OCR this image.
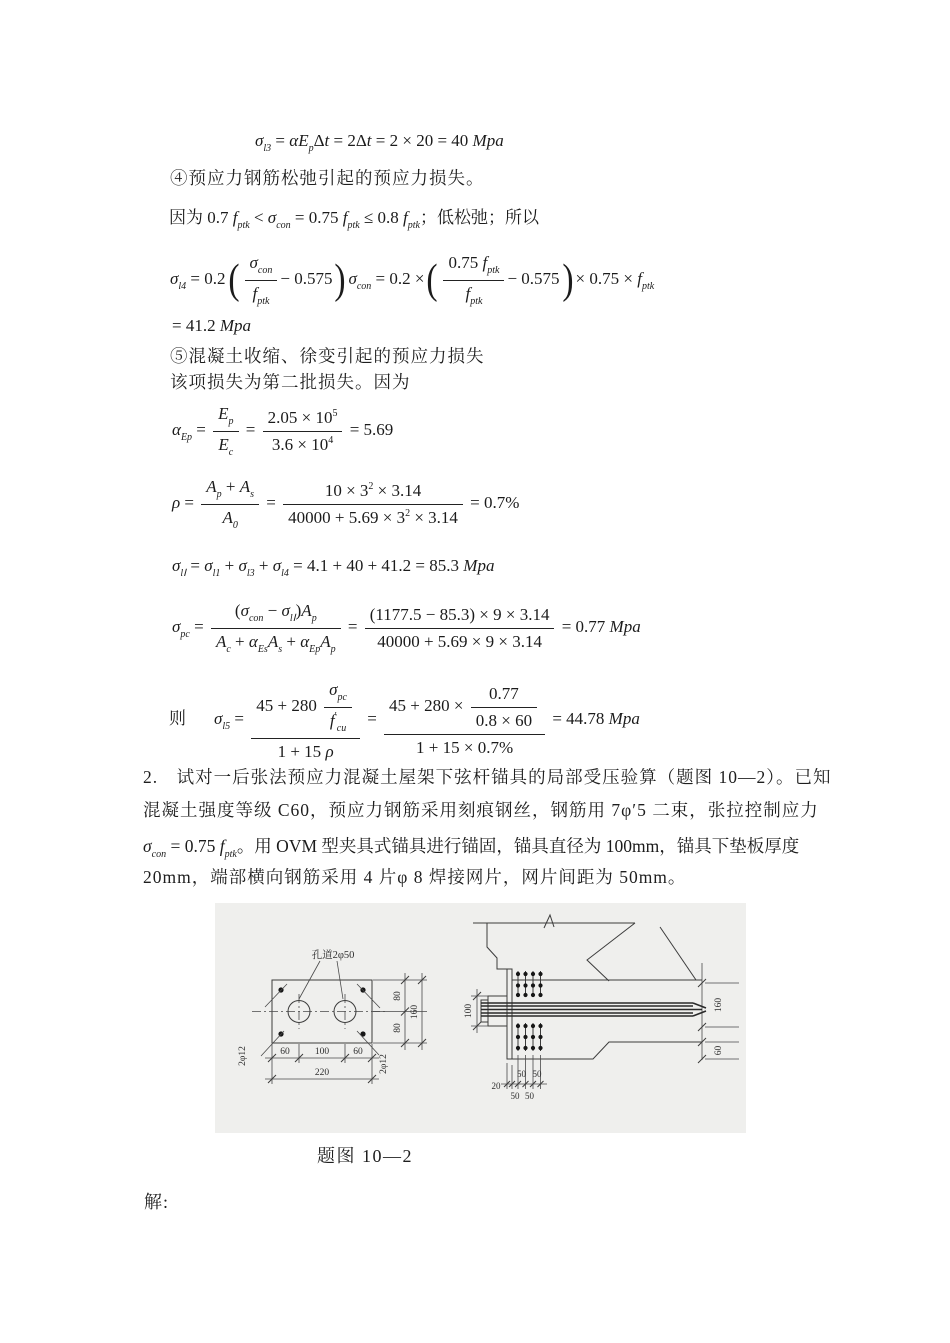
$\sigma_{l3} = \alpha E_p\Delta t = 2\Delta t = 2 \times 20 = 40$ Mpa
④预应力钢筋松弛引起的预应力损失。
因为 0.7 $f_{ptk} < \sigma_{con} = 0.75$ $f_{ptk} \le 0.8$ $f_{ptk}$；低松弛；所以
$\sigma_{l4} = 0.2$( $\sigma_{con}$
$f_{ptk}$
− 0.575) $\sigma_{con} = 0.2$ ×( 0.75 $f_{ptk}$
$f_{ptk}$
− $0.575) \times 0.75 \times f_{ptk}$
= 41.2 Mpa
⑤混凝土收缩、徐变引起的预应力损失
该项损失为第二批损失。因为
$\alpha_{Ep} = \frac{E_p}{E_c} = \frac{2.05 \times 10^5}{3.6 \times 10^4} = 5.69$
$\rho = \frac{A_p + A_s}{A_0} = \frac{10 \times 3^2 \times 3.14}{40000 + 5.69 \times 3^2 \times 3.14} = 0.7\%$
$\sigma_{lⅠ} = \sigma_{l1} + \sigma_{l3} + \sigma_{l4} = 4.1 + 40 + 41.2 = 85.3$ Mpa
$\sigma_{pc}$ =
$(\sigma_{con} - \sigma_{lⅠ})A_p$
$A_c + \alpha_{Es}A_s + \alpha_{Ep}A_p$
= $\frac{(1177.5 - 85.3) \times 9 \times 3.14}{40000 + 5.69 \times 9 \times 3.14} = 0.77$ Mpa
则 $\sigma_{l5}$ =
45 + 280
$\sigma_{pc}$
$f'_{cu}$
1 + 15 ρ
= $\frac{45 + 280 \times \frac{0.77}{0.8 \times 60}}{1 + 15 \times 0.7\%} = 44.78$ Mpa
2.　试对一后张法预应力混凝土屋架下弦杆锚具的局部受压验算（题图 10—2）。已知
混凝土强度等级 C60，预应力钢筋采用刻痕钢丝，钢筋用 7φ′5 二束，张拉控制应力
$\sigma_{con} = 0.75$ $f_{ptk}$。用 OVM 型夹具式锚具进行锚固，锚具直径为 100mm，锚具下垫板厚度
20mm，端部横向钢筋采用 4 片φ 8 焊接网片，网片间距为 50mm。
孔道2φ50
2φ12	2φ12
60	100	60
220
80
80
160	100	160
60
50 50
20
50 50
题图 10—2
解:
